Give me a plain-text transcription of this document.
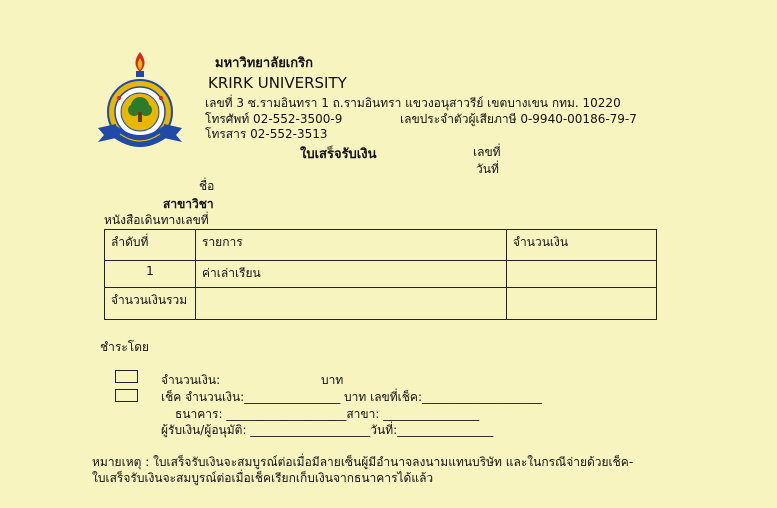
มหาวิทยาลัยเกริก
KRIRK UNIVERSITY
เลขที่ 3 ซ.รามอินทรา 1 ถ.รามอินทรา แขวงอนุสาวรีย์ เขตบางเขน กทม. 10220
โทรศัพท์ 02-552-3500-9	เลขประจำตัวผู้เสียภาษี 0-9940-00186-79-7
โทรสาร 02-552-3513
ใบเสร็จรับเงิน	เลขที่
วันที่
ชื่อ
สาขาวิชา
หนังสือเดินทางเลขที่
ลำดับที่	รายการ	จำนวนเงิน
1	ค่าเล่าเรียน	
จำนวนเงินรวม		
ชำระโดย
จำนวนเงิน:	บาท
เช็ค จำนวนเงิน:________________ บาท เลขที่เช็ค:____________________
ธนาคาร: ____________________สาขา: ________________
ผู้รับเงิน/ผู้อนุมัติ: ____________________วันที่:________________
หมายเหตุ : ใบเสร็จรับเงินจะสมบูรณ์ต่อเมื่อมีลายเซ็นผู้มีอำนาจลงนามแทนบริษัท และในกรณีจ่ายด้วยเช็ค-
ใบเสร็จรับเงินจะสมบูรณ์ต่อเมื่อเช็คเรียกเก็บเงินจากธนาคารได้แล้ว
